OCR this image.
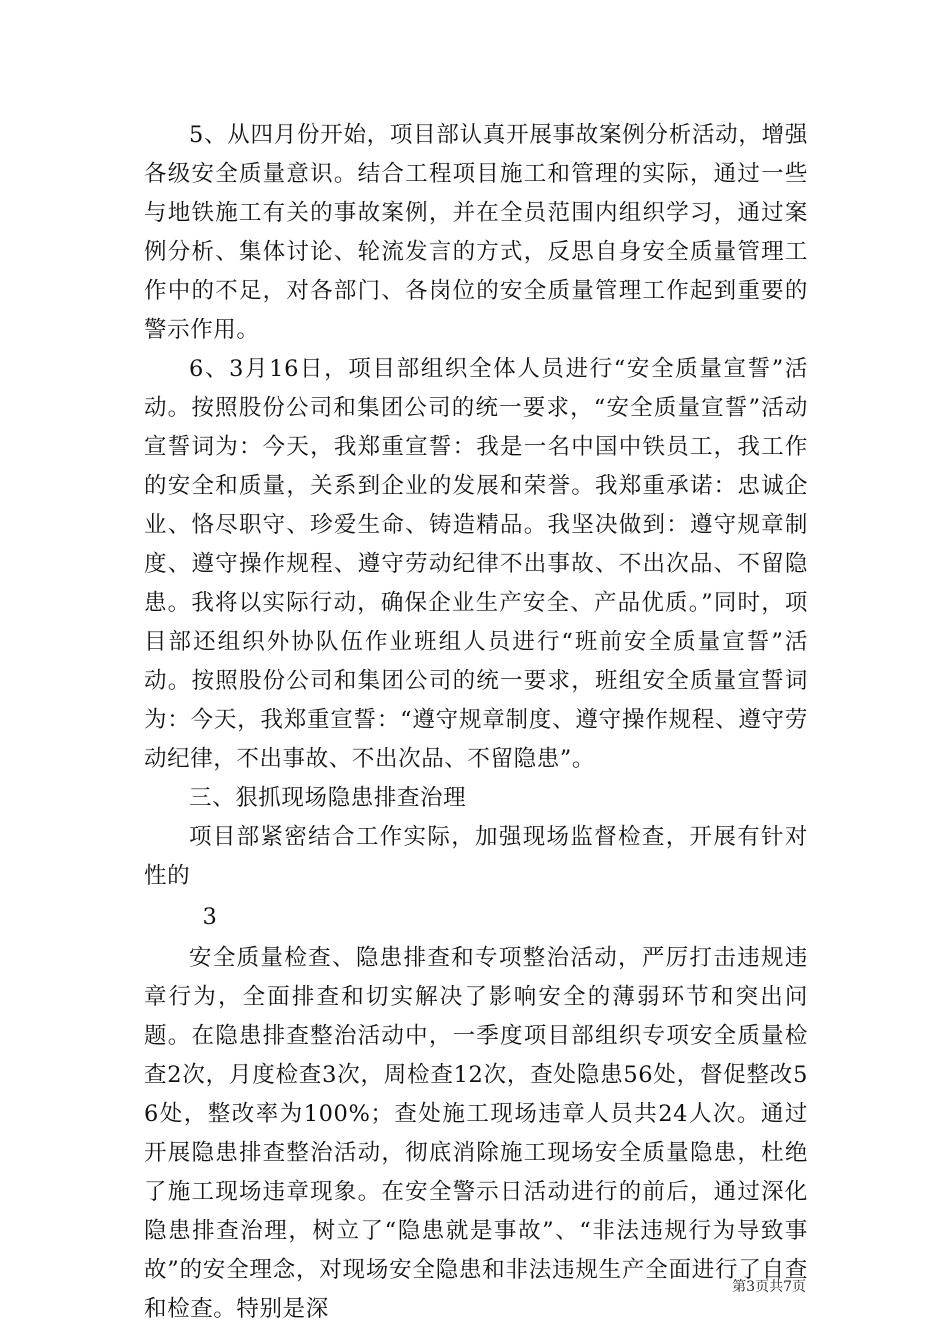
5、从四月份开始，项目部认真开展事故案例分析活动，增强各级安全质量意识。结合工程项目施工和管理的实际，通过一些与地铁施工有关的事故案例，并在全员范围内组织学习，通过案例分析、集体讨论、轮流发言的方式，反思自身安全质量管理工作中的不足，对各部门、各岗位的安全质量管理工作起到重要的警示作用。

6、3月16日，项目部组织全体人员进行“安全质量宣誓”活动。按照股份公司和集团公司的统一要求，“安全质量宣誓”活动宣誓词为：今天，我郑重宣誓：我是一名中国中铁员工，我工作的安全和质量，关系到企业的发展和荣誉。我郑重承诺：忠诚企业、恪尽职守、珍爱生命、铸造精品。我坚决做到：遵守规章制度、遵守操作规程、遵守劳动纪律不出事故、不出次品、不留隐患。我将以实际行动，确保企业生产安全、产品优质。”同时，项目部还组织外协队伍作业班组人员进行“班前安全质量宣誓”活动。按照股份公司和集团公司的统一要求，班组安全质量宣誓词为：今天，我郑重宣誓：“遵守规章制度、遵守操作规程、遵守劳动纪律，不出事故、不出次品、不留隐患”。

三、狠抓现场隐患排查治理

项目部紧密结合工作实际，加强现场监督检查，开展有针对性的

3

安全质量检查、隐患排查和专项整治活动，严厉打击违规违章行为，全面排查和切实解决了影响安全的薄弱环节和突出问题。在隐患排查整治活动中，一季度项目部组织专项安全质量检查2次，月度检查3次，周检查12次，查处隐患56处，督促整改56处，整改率为100%；查处施工现场违章人员共24人次。通过开展隐患排查整治活动，彻底消除施工现场安全质量隐患，杜绝了施工现场违章现象。在安全警示日活动进行的前后，通过深化隐患排查治理，树立了“隐患就是事故”、“非法违规行为导致事故”的安全理念，对现场安全隐患和非法违规生产全面进行了自查和检查。特别是深

第3页共7页
